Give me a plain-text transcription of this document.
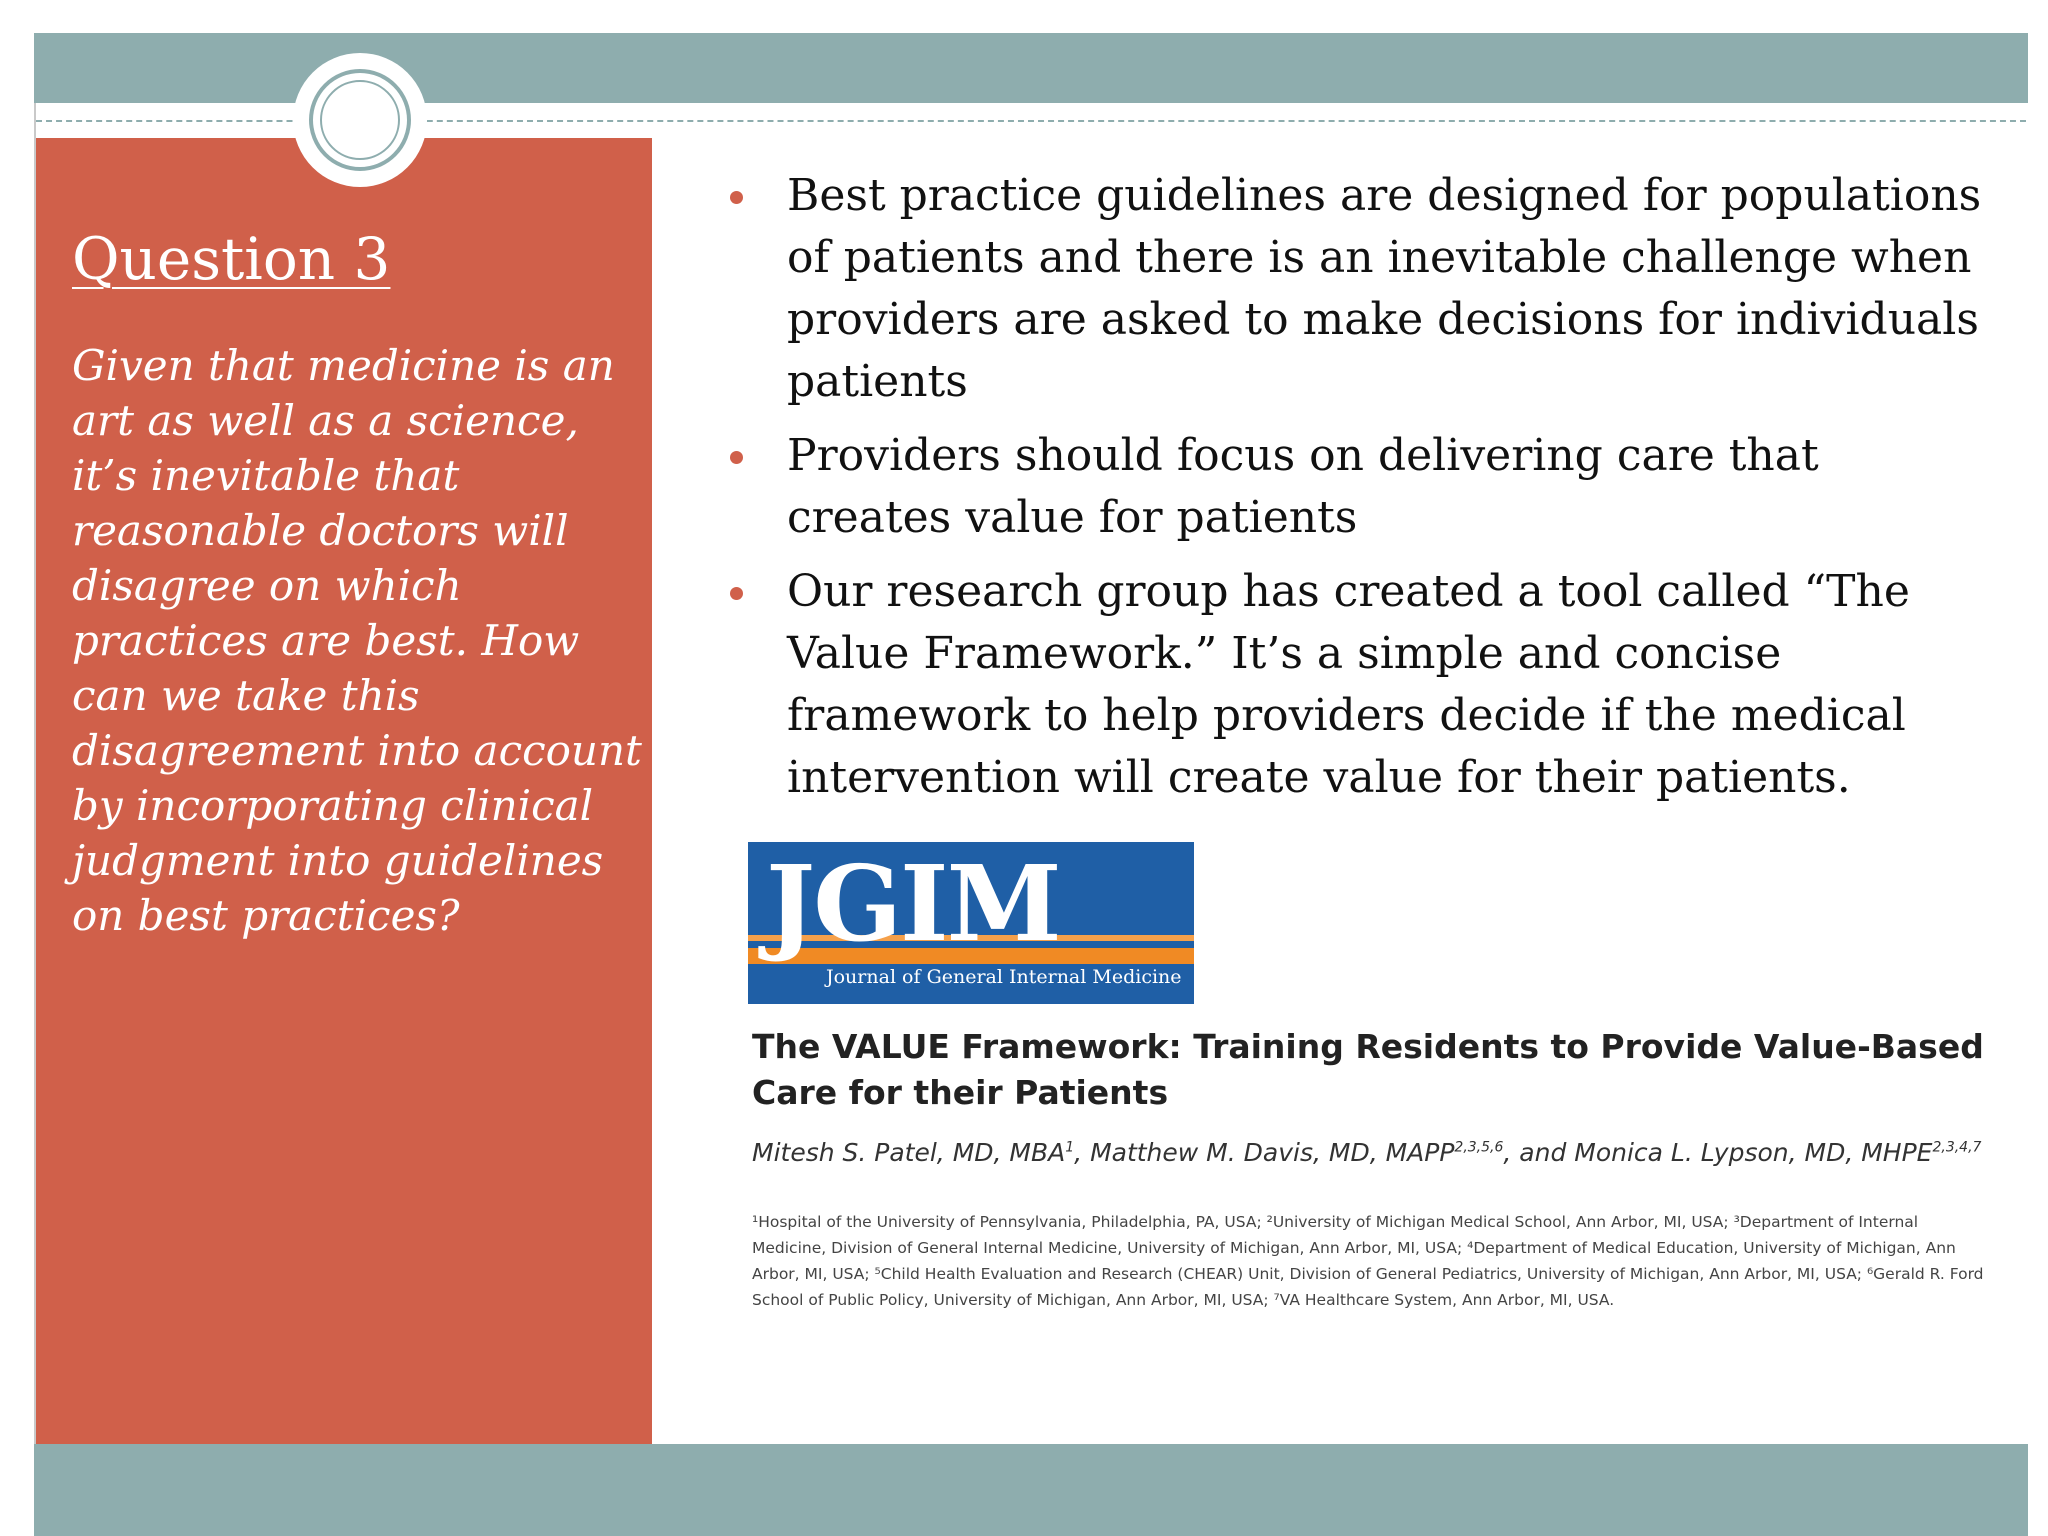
Question 3

Given that medicine is an art as well as a science, it’s inevitable that reasonable doctors will disagree on which practices are best. How can we take this disagreement into account by incorporating clinical judgment into guidelines on best practices?

Best practice guidelines are designed for populations of patients and there is an inevitable challenge when providers are asked to make decisions for individuals patients
Providers should focus on delivering care that creates value for patients
Our research group has created a tool called “The Value Framework.” It’s a simple and concise framework to help providers decide if the medical intervention will create value for their patients.

JGIM

Journal of General Internal Medicine

The VALUE Framework: Training Residents to Provide Value-Based Care for their Patients

Mitesh S. Patel, MD, MBA$^1$, Matthew M. Davis, MD, MAPP$^{2,3,5,6}$, and Monica L. Lypson, MD, MHPE$^{2,3,4,7}$

¹Hospital of the University of Pennsylvania, Philadelphia, PA, USA; ²University of Michigan Medical School, Ann Arbor, MI, USA; ³Department of Internal Medicine, Division of General Internal Medicine, University of Michigan, Ann Arbor, MI, USA; ⁴Department of Medical Education, University of Michigan, Ann Arbor, MI, USA; ⁵Child Health Evaluation and Research (CHEAR) Unit, Division of General Pediatrics, University of Michigan, Ann Arbor, MI, USA; ⁶Gerald R. Ford School of Public Policy, University of Michigan, Ann Arbor, MI, USA; ⁷VA Healthcare System, Ann Arbor, MI, USA.
